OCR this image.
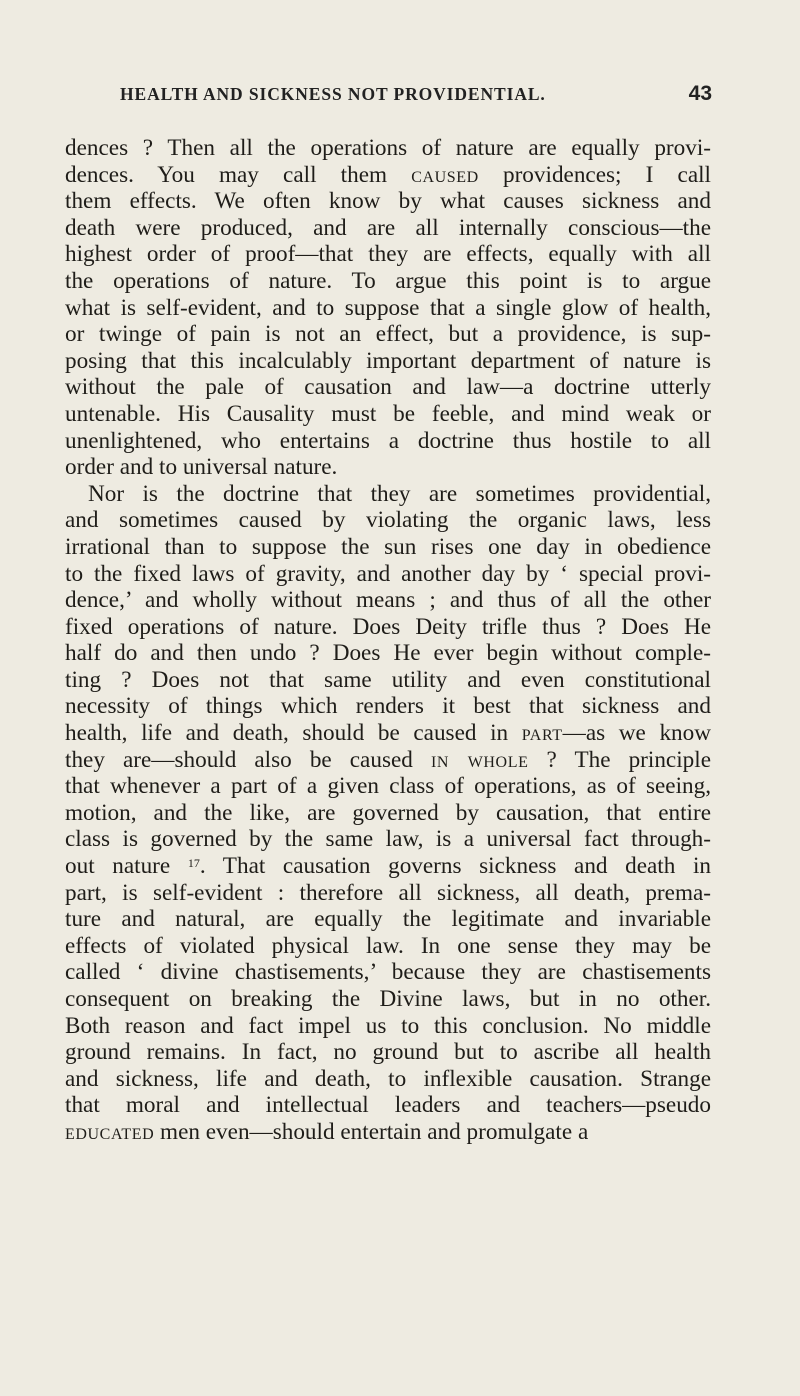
HEALTH AND SICKNESS NOT PROVIDENTIAL.	43

dences ? Then all the operations of nature are equally provi-
dences. You may call them caused providences; I call
them effects. We often know by what causes sickness and
death were produced, and are all internally conscious—the
highest order of proof—that they are effects, equally with all
the operations of nature. To argue this point is to argue
what is self-evident, and to suppose that a single glow of health,
or twinge of pain is not an effect, but a providence, is sup-
posing that this incalculably important department of nature is
without the pale of causation and law—a doctrine utterly
untenable. His Causality must be feeble, and mind weak or
unenlightened, who entertains a doctrine thus hostile to all
order and to universal nature.

Nor is the doctrine that they are sometimes providential,
and sometimes caused by violating the organic laws, less
irrational than to suppose the sun rises one day in obedience
to the fixed laws of gravity, and another day by ‘ special provi-
dence,’ and wholly without means ; and thus of all the other
fixed operations of nature. Does Deity trifle thus ? Does He
half do and then undo ? Does He ever begin without comple-
ting ? Does not that same utility and even constitutional
necessity of things which renders it best that sickness and
health, life and death, should be caused in part—as we know
they are—should also be caused in whole ? The principle
that whenever a part of a given class of operations, as of seeing,
motion, and the like, are governed by causation, that entire
class is governed by the same law, is a universal fact through-
out nature $^{17}$. That causation governs sickness and death in
part, is self-evident : therefore all sickness, all death, prema-
ture and natural, are equally the legitimate and invariable
effects of violated physical law. In one sense they may be
called ‘ divine chastisements,’ because they are chastisements
consequent on breaking the Divine laws, but in no other.
Both reason and fact impel us to this conclusion. No middle
ground remains. In fact, no ground but to ascribe all health
and sickness, life and death, to inflexible causation. Strange
that moral and intellectual leaders and teachers—pseudo
educated men even—should entertain and promulgate a
